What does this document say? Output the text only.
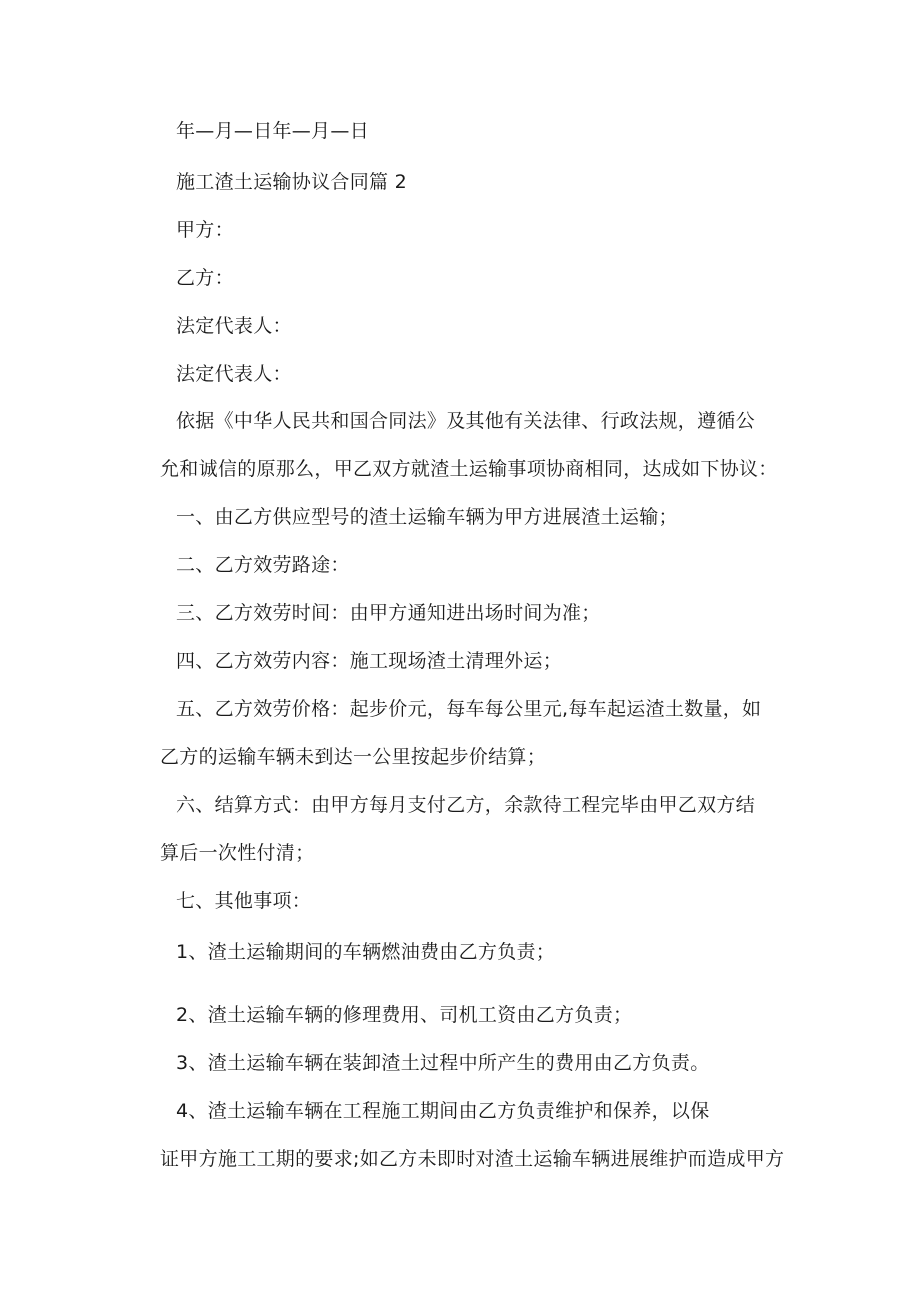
年—月—日年—月—日
施工渣土运输协议合同篇 2
甲方：
乙方：
法定代表人：
法定代表人：
依据《中华人民共和国合同法》及其他有关法律、行政法规，遵循公
允和诚信的原那么，甲乙双方就渣土运输事项协商相同，达成如下协议：
一、由乙方供应型号的渣土运输车辆为甲方进展渣土运输；
二、乙方效劳路途：
三、乙方效劳时间：由甲方通知进出场时间为准；
四、乙方效劳内容：施工现场渣土清理外运；
五、乙方效劳价格：起步价元，每车每公里元,每车起运渣土数量，如
乙方的运输车辆未到达一公里按起步价结算；
六、结算方式：由甲方每月支付乙方，余款待工程完毕由甲乙双方结
算后一次性付清；
七、其他事项：
1、渣土运输期间的车辆燃油费由乙方负责；
2、渣土运输车辆的修理费用、司机工资由乙方负责；
3、渣土运输车辆在装卸渣土过程中所产生的费用由乙方负责。
4、渣土运输车辆在工程施工期间由乙方负责维护和保养，以保
证甲方施工工期的要求;如乙方未即时对渣土运输车辆进展维护而造成甲方
